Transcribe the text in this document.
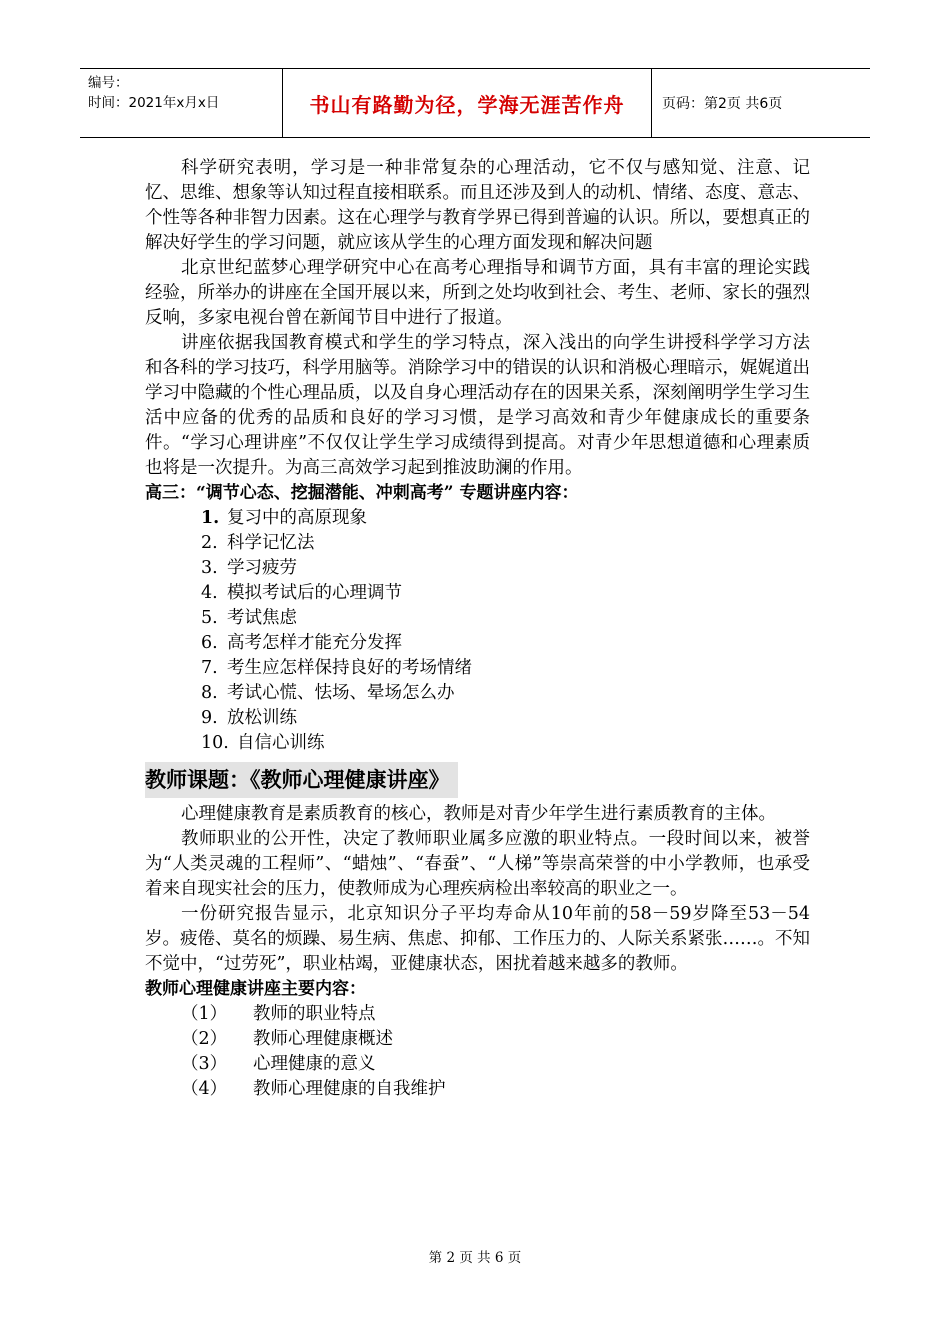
编号：
时间：2021年x月x日	书山有路勤为径，学海无涯苦作舟	页码：第2页 共6页

科学研究表明，学习是一种非常复杂的心理活动，它不仅与感知觉、注意、记忆、思维、想象等认知过程直接相联系。而且还涉及到人的动机、情绪、态度、意志、个性等各种非智力因素。这在心理学与教育学界已得到普遍的认识。所以，要想真正的解决好学生的学习问题，就应该从学生的心理方面发现和解决问题

北京世纪蓝梦心理学研究中心在高考心理指导和调节方面，具有丰富的理论实践经验，所举办的讲座在全国开展以来，所到之处均收到社会、考生、老师、家长的强烈反响，多家电视台曾在新闻节目中进行了报道。

讲座依据我国教育模式和学生的学习特点，深入浅出的向学生讲授科学学习方法和各科的学习技巧，科学用脑等。消除学习中的错误的认识和消极心理暗示，娓娓道出学习中隐藏的个性心理品质，以及自身心理活动存在的因果关系，深刻阐明学生学习生活中应备的优秀的品质和良好的学习习惯，是学习高效和青少年健康成长的重要条件。“学习心理讲座”不仅仅让学生学习成绩得到提高。对青少年思想道德和心理素质也将是一次提升。为高三高效学习起到推波助澜的作用。

高三：“调节心态、挖掘潜能、冲刺高考” 专题讲座内容：

1. 复习中的高原现象
2. 科学记忆法
3. 学习疲劳
4. 模拟考试后的心理调节
5. 考试焦虑
6. 高考怎样才能充分发挥
7. 考生应怎样保持良好的考场情绪
8. 考试心慌、怯场、晕场怎么办
9. 放松训练
10. 自信心训练
教师课题：《教师心理健康讲座》

心理健康教育是素质教育的核心，教师是对青少年学生进行素质教育的主体。

教师职业的公开性，决定了教师职业属多应激的职业特点。一段时间以来，被誉为“人类灵魂的工程师”、“蜡烛”、“春蚕”、“人梯”等崇高荣誉的中小学教师，也承受着来自现实社会的压力，使教师成为心理疾病检出率较高的职业之一。

一份研究报告显示，北京知识分子平均寿命从10年前的58－59岁降至53－54岁。疲倦、莫名的烦躁、易生病、焦虑、抑郁、工作压力的、人际关系紧张……。不知不觉中，“过劳死”，职业枯竭，亚健康状态，困扰着越来越多的教师。

教师心理健康讲座主要内容：

（1） 教师的职业特点
（2） 教师心理健康概述
（3） 心理健康的意义
（4） 教师心理健康的自我维护
第 2 页 共 6 页
